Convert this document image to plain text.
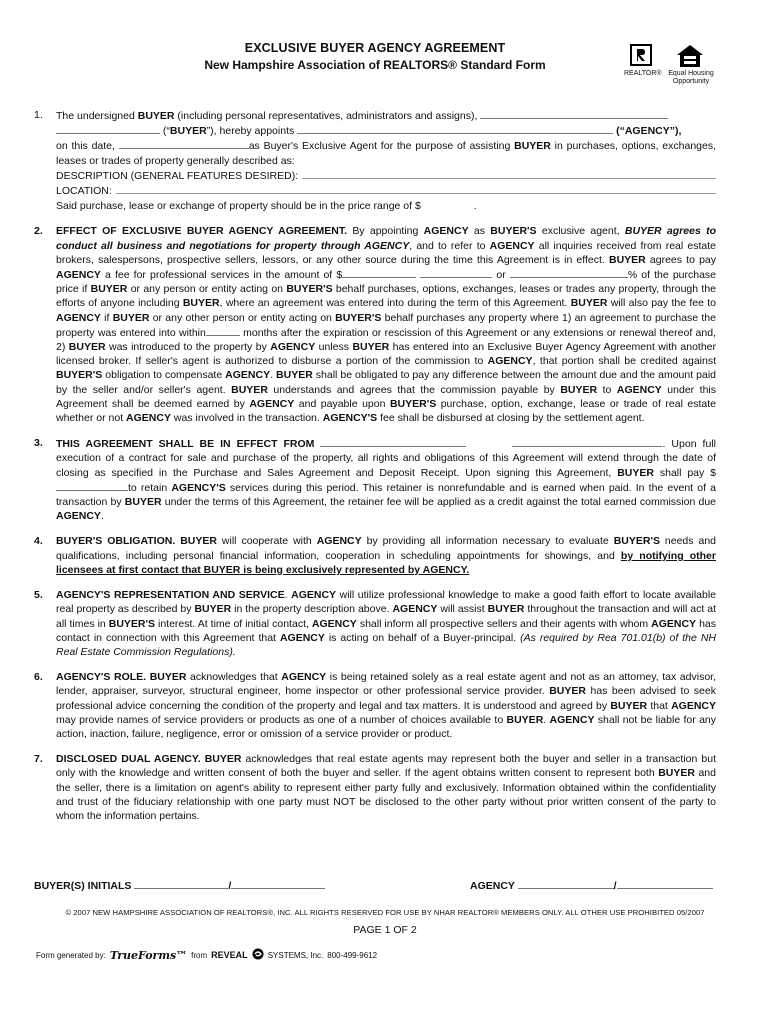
EXCLUSIVE BUYER AGENCY AGREEMENT
New Hampshire Association of REALTORS® Standard Form
REALTOR® Equal Housing Opportunity
1. The undersigned BUYER (including personal representatives, administrators and assigns),
(“BUYER”), hereby appoints	(“AGENCY”),
on this date,	as Buyer's Exclusive Agent for the purpose of assisting BUYER in purchases, options, exchanges, leases or trades of property generally described as:
DESCRIPTION (GENERAL FEATURES DESIRED):
LOCATION:
Said purchase, lease or exchange of property should be in the price range of $	.
2. EFFECT OF EXCLUSIVE BUYER AGENCY AGREEMENT. By appointing AGENCY as BUYER'S exclusive agent, BUYER agrees to conduct all business and negotiations for property through AGENCY, and to refer to AGENCY all inquiries received from real estate brokers, salespersons, prospective sellers, lessors, or any other source during the time this Agreement is in effect. BUYER agrees to pay AGENCY a fee for professional services in the amount of $	or	% of the purchase price if BUYER or any person or entity acting on BUYER'S behalf purchases, options, exchanges, leases or trades any property, through the efforts of anyone including BUYER, where an agreement was entered into during the term of this Agreement. BUYER will also pay the fee to AGENCY if BUYER or any other person or entity acting on BUYER'S behalf purchases any property where 1) an agreement to purchase the property was entered into within	months after the expiration or rescission of this Agreement or any extensions or renewal thereof and, 2) BUYER was introduced to the property by AGENCY unless BUYER has entered into an Exclusive Buyer Agency Agreement with another licensed broker. If seller's agent is authorized to disburse a portion of the commission to AGENCY, that portion shall be credited against BUYER'S obligation to compensate AGENCY. BUYER shall be obligated to pay any difference between the amount due and the amount paid by the seller and/or seller's agent. BUYER understands and agrees that the commission payable by BUYER to AGENCY under this Agreement shall be deemed earned by AGENCY and payable upon BUYER'S purchase, option, exchange, lease or trade of real estate whether or not AGENCY was involved in the transaction. AGENCY'S fee shall be disbursed at closing by the settlement agent.
3. THIS AGREEMENT SHALL BE IN EFFECT FROM	. Upon full execution of a contract for sale and purchase of the property, all rights and obligations of this Agreement will extend through the date of closing as specified in the Purchase and Sales Agreement and Deposit Receipt. Upon signing this Agreement, BUYER shall pay $to retain AGENCY'S services during this period. This retainer is nonrefundable and is earned when paid. In the event of a transaction by BUYER under the terms of this Agreement, the retainer fee will be applied as a credit against the total earned commission due AGENCY.
4. BUYER'S OBLIGATION. BUYER will cooperate with AGENCY by providing all information necessary to evaluate BUYER'S needs and qualifications, including personal financial information, cooperation in scheduling appointments for showings, and by notifying other licensees at first contact that BUYER is being exclusively represented by AGENCY.
5. AGENCY'S REPRESENTATION AND SERVICE. AGENCY will utilize professional knowledge to make a good faith effort to locate available real property as described by BUYER in the property description above. AGENCY will assist BUYER throughout the transaction and will act at all times in BUYER'S interest. At time of initial contact, AGENCY shall inform all prospective sellers and their agents with whom AGENCY has contact in connection with this Agreement that AGENCY is acting on behalf of a Buyer-principal. (As required by Rea 701.01(b) of the NH Real Estate Commission Regulations).
6. AGENCY'S ROLE. BUYER acknowledges that AGENCY is being retained solely as a real estate agent and not as an attorney, tax advisor, lender, appraiser, surveyor, structural engineer, home inspector or other professional service provider. BUYER has been advised to seek professional advice concerning the condition of the property and legal and tax matters. It is understood and agreed by BUYER that AGENCY may provide names of service providers or products as one of a number of choices available to BUYER. AGENCY shall not be liable for any action, inaction, failure, negligence, error or omission of a service provider or product.
7. DISCLOSED DUAL AGENCY. BUYER acknowledges that real estate agents may represent both the buyer and seller in a transaction but only with the knowledge and written consent of both the buyer and seller. If the agent obtains written consent to represent both BUYER and the seller, there is a limitation on agent's ability to represent either party fully and exclusively. Information obtained within the confidentiality and trust of the fiduciary relationship with one party must NOT be disclosed to the other party without prior written consent of the party to whom the information pertains.
BUYER(S) INITIALS	/	AGENCY	/
© 2007 NEW HAMPSHIRE ASSOCIATION OF REALTORS®, INC. ALL RIGHTS RESERVED FOR USE BY NHAR REALTOR® MEMBERS ONLY. ALL OTHER USE PROHIBITED 05/2007
PAGE 1 OF 2
Form generated by: TrueForms™ from REVEAL	SYSTEMS, Inc. 800-499-9612
